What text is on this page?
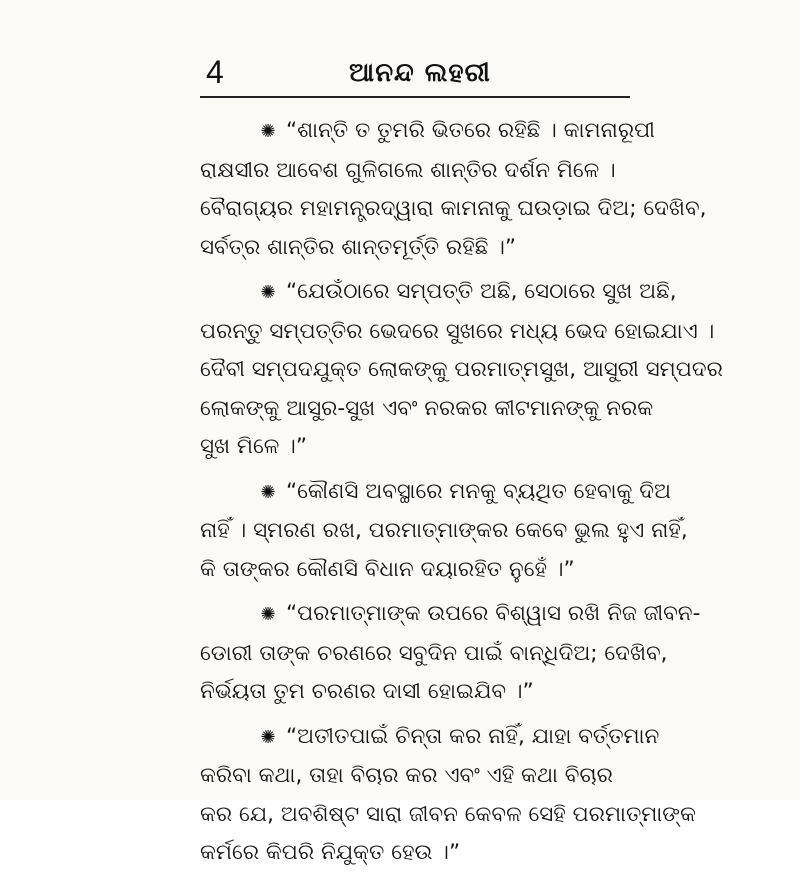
4	ଆନନ୍ଦ ଲହରୀ
✺ “ଶାନ୍ତି ତ ତୁମରି ଭିତରେ ରହିଛି । କାମନାରୂପୀ
ରାକ୍ଷସୀର ଆବେଶ ଗୁଳିଗଲେ ଶାନ୍ତିର ଦର୍ଶନ ମିଳେ ।
ବୈରାଗ୍ୟର ମହାମନ୍ତ୍ରଦ୍ୱାରା କାମନାକୁ ଘଉଡ଼ାଇ ଦିଅ; ଦେଖିବ,
ସର୍ବତ୍ର ଶାନ୍ତିର ଶାନ୍ତମୂର୍ତ୍ତି ରହିଛି ।”
✺ “ଯେଉଁଠାରେ ସମ୍ପତ୍ତି ଅଛି, ସେଠାରେ ସୁଖ ଅଛି,
ପରନ୍ତୁ ସମ୍ପତ୍ତିର ଭେଦରେ ସୁଖରେ ମଧ୍ୟ ଭେଦ ହୋଇଯାଏ ।
ଦୈବୀ ସମ୍ପଦଯୁକ୍ତ ଲୋକଙ୍କୁ ପରମାତ୍ମସୁଖ, ଆସୁରୀ ସମ୍ପଦର
ଲୋକଙ୍କୁ ଆସୁର-ସୁଖ ଏବଂ ନରକର କୀଟମାନଙ୍କୁ ନରକ
ସୁଖ ମିଳେ ।”
✺ “କୌଣସି ଅବସ୍ଥାରେ ମନକୁ ବ୍ୟଥିତ ହେବାକୁ ଦିଅ
ନାହିଁ । ସ୍ମରଣ ରଖ, ପରମାତ୍ମାଙ୍କର କେବେ ଭୁଲ ହୁଏ ନାହିଁ,
କି ତାଙ୍କର କୌଣସି ବିଧାନ ଦୟାରହିତ ନୁହେଁ ।”
✺ “ପରମାତ୍ମାଙ୍କ ଉପରେ ବିଶ୍ୱାସ ରଖି ନିଜ ଜୀବନ-
ଡୋରୀ ତାଙ୍କ ଚରଣରେ ସବୁଦିନ ପାଇଁ ବାନ୍ଧିଦିଅ; ଦେଖିବ,
ନିର୍ଭୟତା ତୁମ ଚରଣର ଦାସୀ ହୋଇଯିବ ।”
✺ “ଅତୀତପାଇଁ ଚିନ୍ତା କର ନାହିଁ, ଯାହା ବର୍ତ୍ତମାନ
କରିବା କଥା, ତାହା ବିଚାର କର ଏବଂ ଏହି କଥା ବିଚାର
କର ଯେ, ଅବଶିଷ୍ଟ ସାରା ଜୀବନ କେବଳ ସେହି ପରମାତ୍ମାଙ୍କ
କର୍ମରେ କିପରି ନିଯୁକ୍ତ ହେଉ ।”
